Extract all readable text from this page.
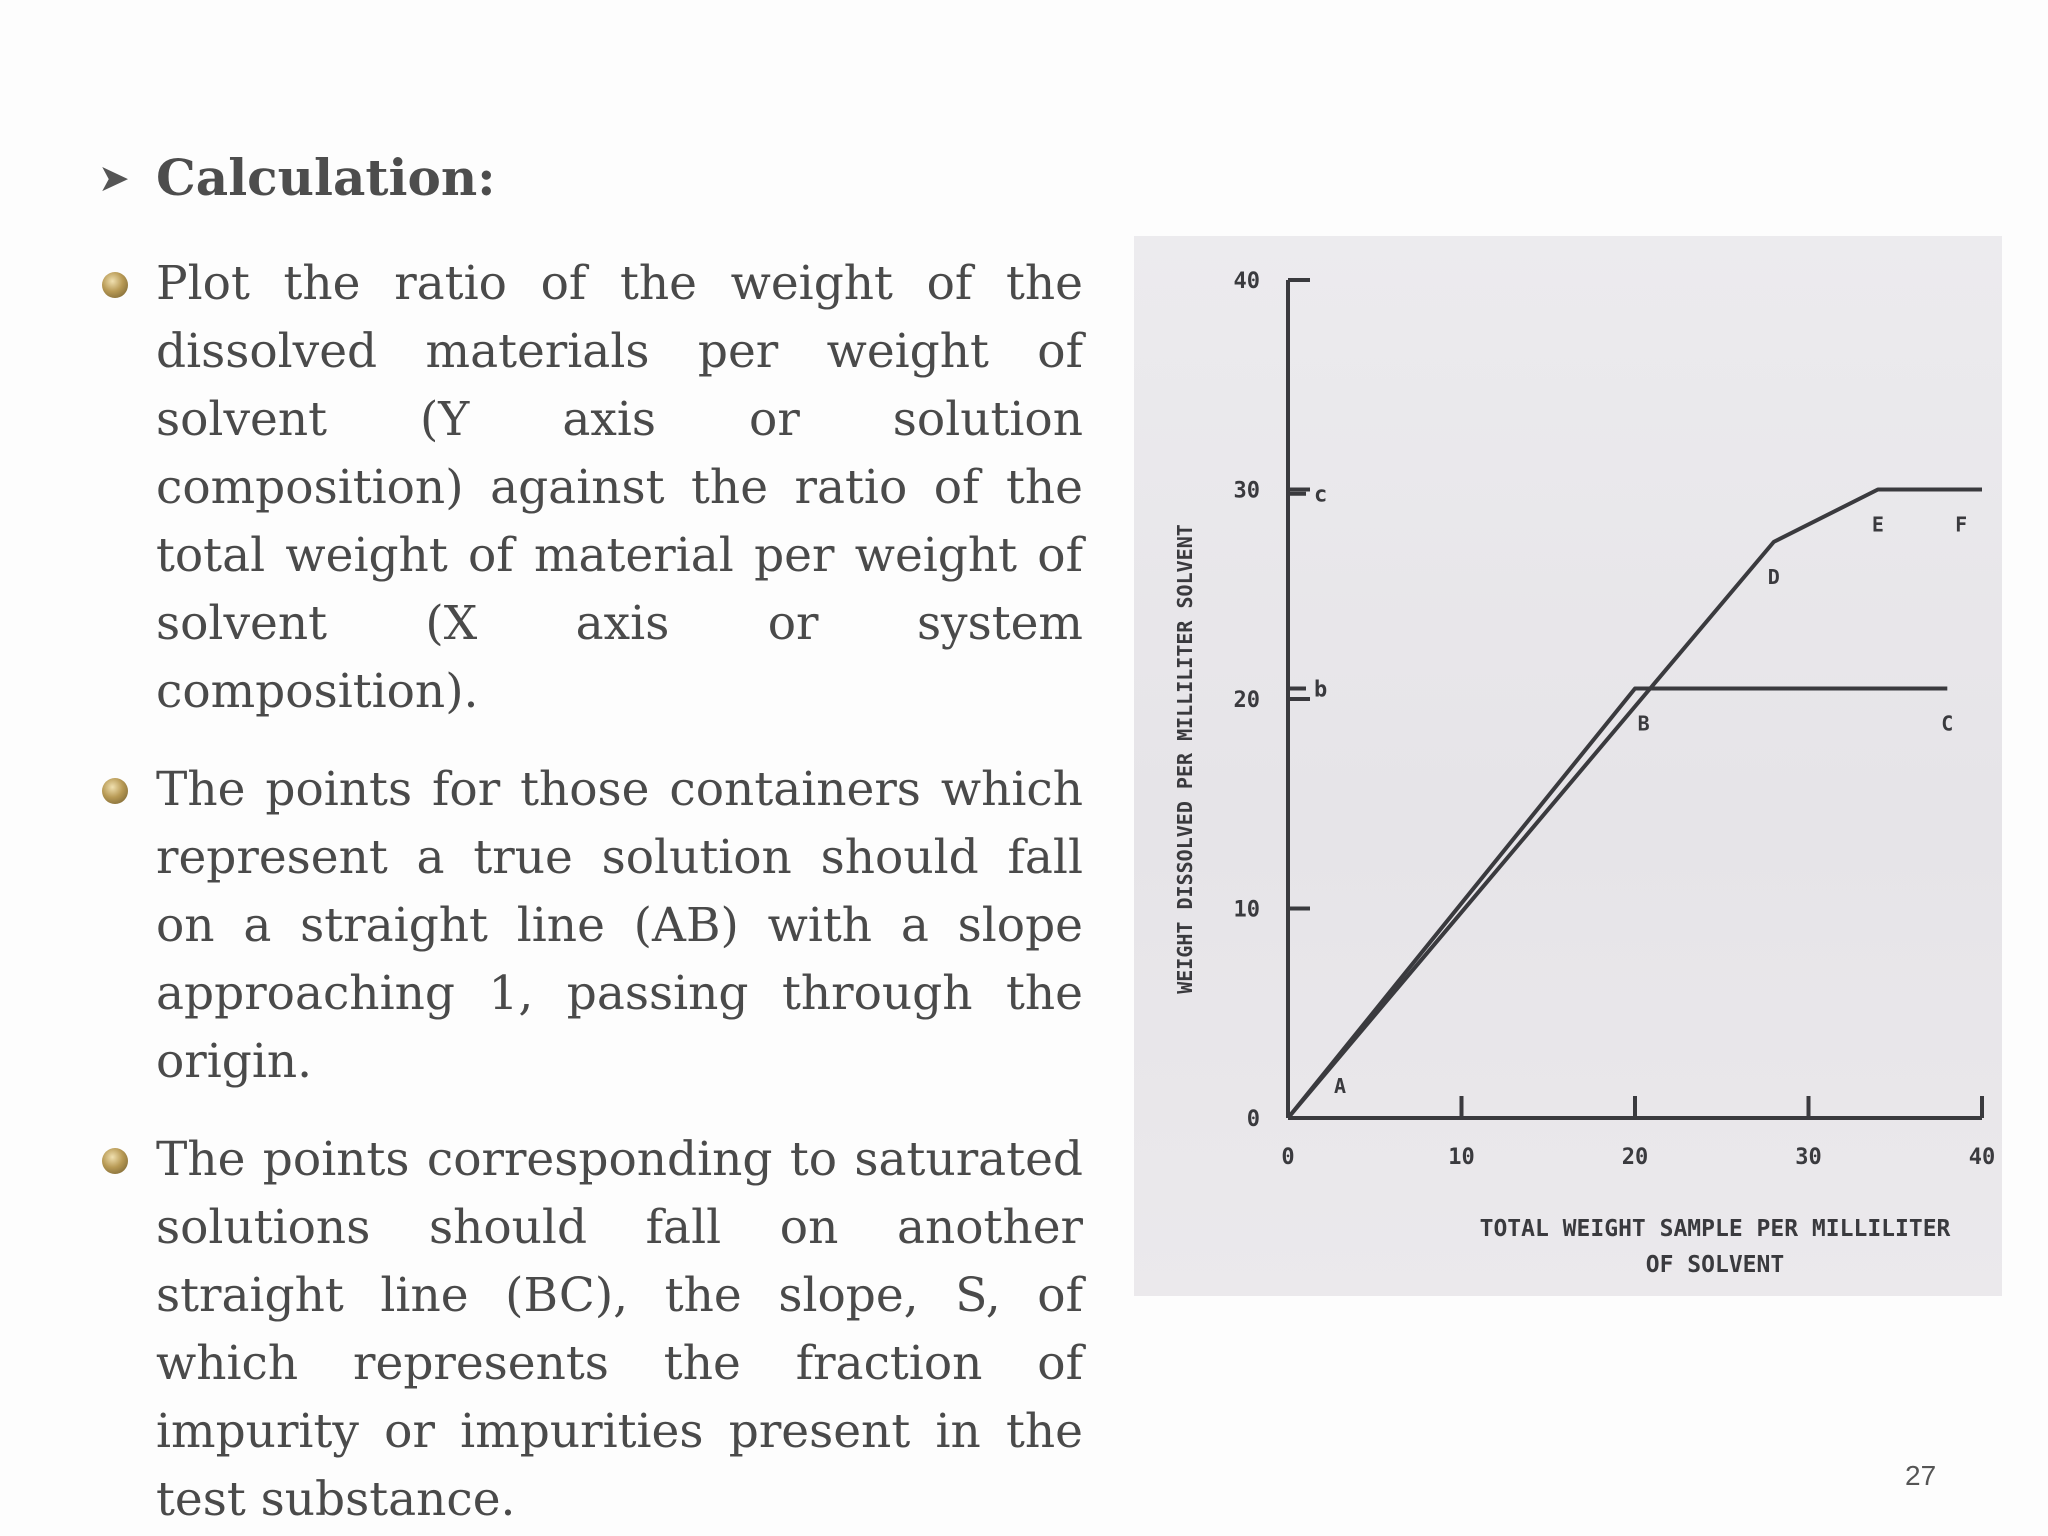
➤ Calculation:

Plot the ratio of the weight of the dissolved materials per weight of solvent (Y axis or solution composition) against the ratio of the total weight of material per weight of solvent (X axis or system composition).

The points for those containers which represent a true solution should fall on a straight line (AB) with a slope approaching 1, passing through the origin.

The points corresponding to saturated solutions should fall on another straight line (BC), the slope, S, of which represents the fraction of impurity or impurities present in the test substance.

0
10
20
30
40
0	10	20	30	40
A
B	C
D
E	F
b
c
TOTAL WEIGHT SAMPLE PER MILLILITER
OF SOLVENT
WEIGHT DISSOLVED PER MILLILITER SOLVENT
27
